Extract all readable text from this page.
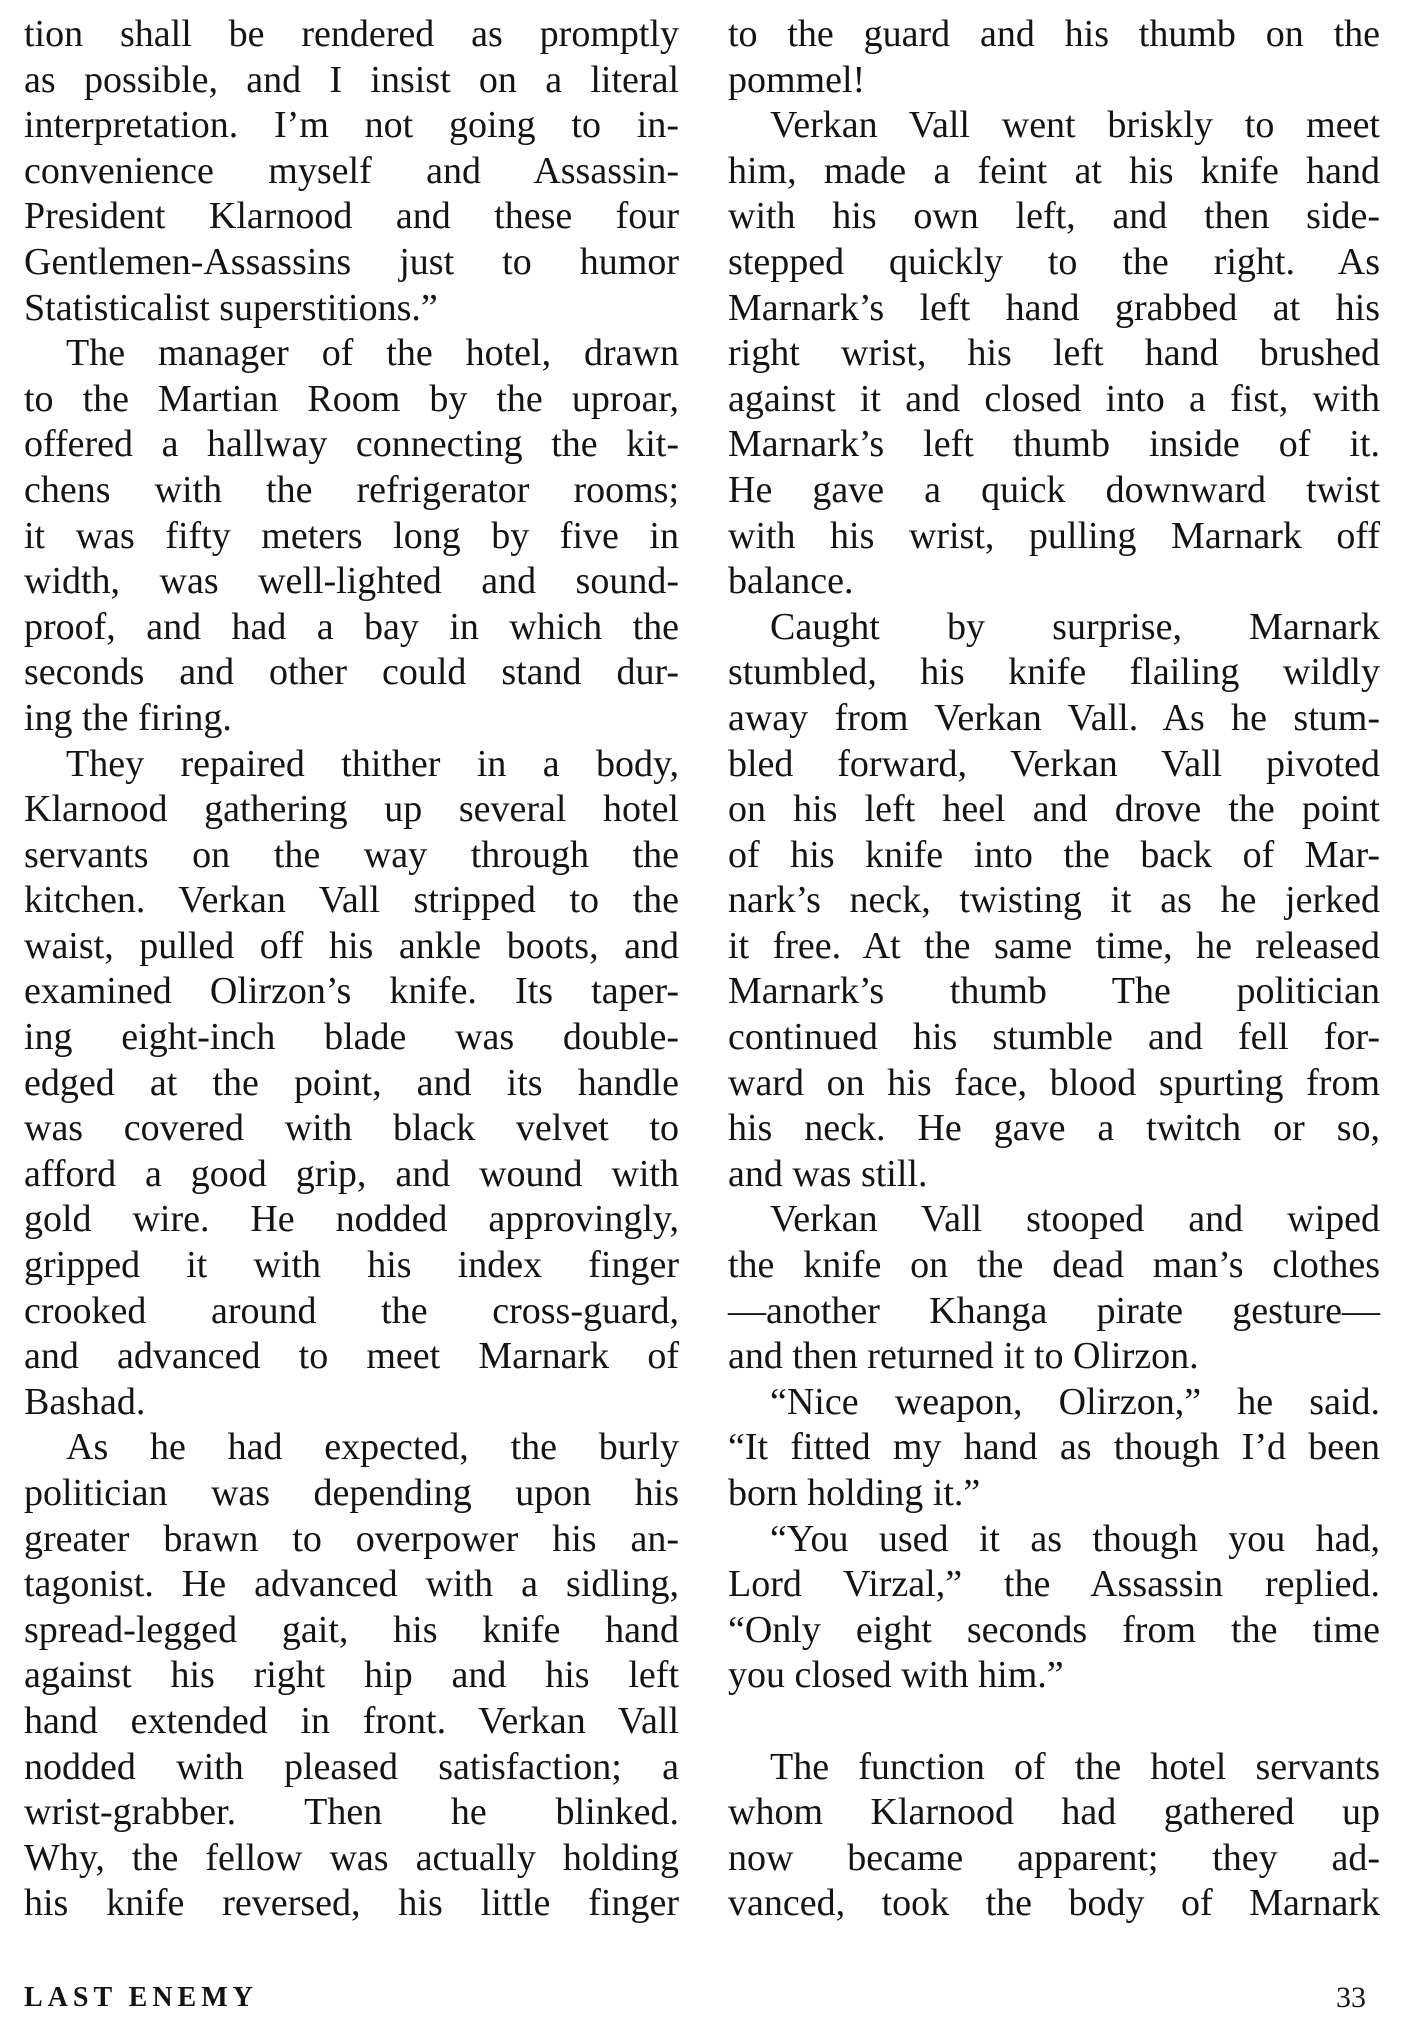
tion shall be rendered as promptly
as possible, and I insist on a literal
interpretation. I’m not going to in-
convenience myself and Assassin-
President Klarnood and these four
Gentlemen-Assassins just to humor
Statisticalist superstitions.”
The manager of the hotel, drawn
to the Martian Room by the uproar,
offered a hallway connecting the kit-
chens with the refrigerator rooms;
it was fifty meters long by five in
width, was well-lighted and sound-
proof, and had a bay in which the
seconds and other could stand dur-
ing the firing.
They repaired thither in a body,
Klarnood gathering up several hotel
servants on the way through the
kitchen. Verkan Vall stripped to the
waist, pulled off his ankle boots, and
examined Olirzon’s knife. Its taper-
ing eight-inch blade was double-
edged at the point, and its handle
was covered with black velvet to
afford a good grip, and wound with
gold wire. He nodded approvingly,
gripped it with his index finger
crooked around the cross-guard,
and advanced to meet Marnark of
Bashad.
As he had expected, the burly
politician was depending upon his
greater brawn to overpower his an-
tagonist. He advanced with a sidling,
spread-legged gait, his knife hand
against his right hip and his left
hand extended in front. Verkan Vall
nodded with pleased satisfaction; a
wrist-grabber. Then he blinked.
Why, the fellow was actually holding
his knife reversed, his little finger
to the guard and his thumb on the
pommel!
Verkan Vall went briskly to meet
him, made a feint at his knife hand
with his own left, and then side-
stepped quickly to the right. As
Marnark’s left hand grabbed at his
right wrist, his left hand brushed
against it and closed into a fist, with
Marnark’s left thumb inside of it.
He gave a quick downward twist
with his wrist, pulling Marnark off
balance.
Caught by surprise, Marnark
stumbled, his knife flailing wildly
away from Verkan Vall. As he stum-
bled forward, Verkan Vall pivoted
on his left heel and drove the point
of his knife into the back of Mar-
nark’s neck, twisting it as he jerked
it free. At the same time, he released
Marnark’s thumb The politician
continued his stumble and fell for-
ward on his face, blood spurting from
his neck. He gave a twitch or so,
and was still.
Verkan Vall stooped and wiped
the knife on the dead man’s clothes
—another Khanga pirate gesture—
and then returned it to Olirzon.
“Nice weapon, Olirzon,” he said.
“It fitted my hand as though I’d been
born holding it.”
“You used it as though you had,
Lord Virzal,” the Assassin replied.
“Only eight seconds from the time
you closed with him.”
The function of the hotel servants
whom Klarnood had gathered up
now became apparent; they ad-
vanced, took the body of Marnark
LAST ENEMY	33
